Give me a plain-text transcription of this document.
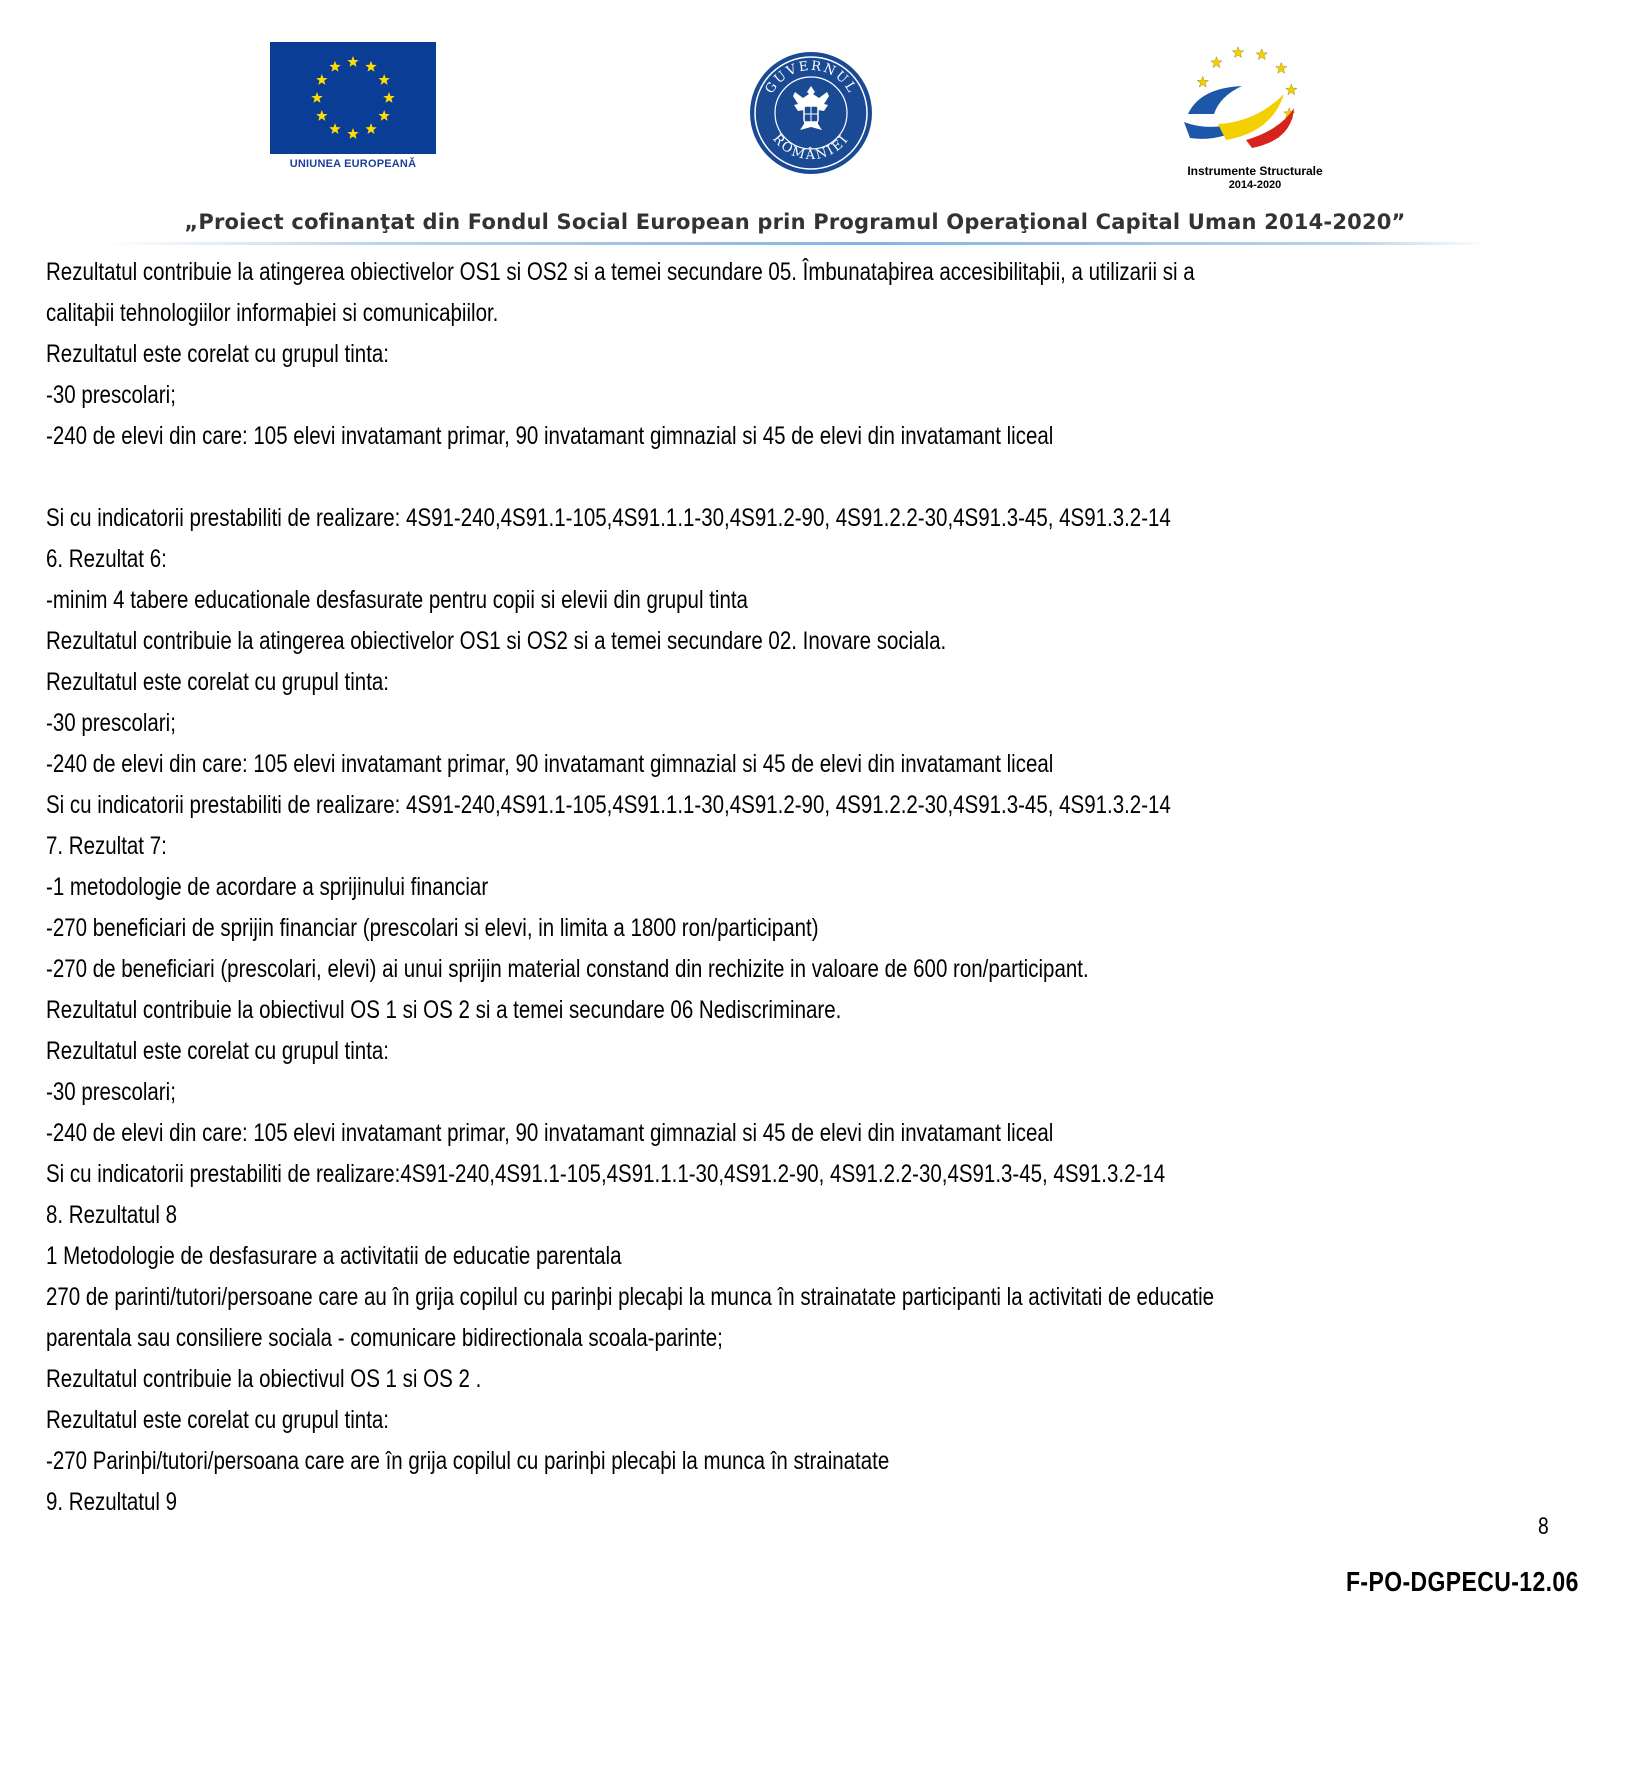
UNIUNEA EUROPEANĂ
GUVERNUL
ROMÂNIEI
Instrumente Structurale
2014-2020
„Proiect cofinanţat din Fondul Social European prin Programul Operaţional Capital Uman 2014-2020”
Rezultatul contribuie la atingerea obiectivelor OS1 si OS2 si a temei secundare 05. Îmbunataþirea accesibilitaþii, a utilizarii si a
calitaþii tehnologiilor informaþiei si comunicaþiilor.
Rezultatul este corelat cu grupul tinta:
-30 prescolari;
-240 de elevi din care: 105 elevi invatamant primar, 90 invatamant gimnazial si 45 de elevi din invatamant liceal
Si cu indicatorii prestabiliti de realizare: 4S91-240,4S91.1-105,4S91.1.1-30,4S91.2-90, 4S91.2.2-30,4S91.3-45, 4S91.3.2-14
6. Rezultat 6:
-minim 4 tabere educationale desfasurate pentru copii si elevii din grupul tinta
Rezultatul contribuie la atingerea obiectivelor OS1 si OS2 si a temei secundare 02. Inovare sociala.
Rezultatul este corelat cu grupul tinta:
-30 prescolari;
-240 de elevi din care: 105 elevi invatamant primar, 90 invatamant gimnazial si 45 de elevi din invatamant liceal
Si cu indicatorii prestabiliti de realizare: 4S91-240,4S91.1-105,4S91.1.1-30,4S91.2-90, 4S91.2.2-30,4S91.3-45, 4S91.3.2-14
7. Rezultat 7:
-1 metodologie de acordare a sprijinului financiar
-270 beneficiari de sprijin financiar (prescolari si elevi, in limita a 1800 ron/participant)
-270 de beneficiari (prescolari, elevi) ai unui sprijin material constand din rechizite in valoare de 600 ron/participant.
Rezultatul contribuie la obiectivul OS 1 si OS 2 si a temei secundare 06 Nediscriminare.
Rezultatul este corelat cu grupul tinta:
-30 prescolari;
-240 de elevi din care: 105 elevi invatamant primar, 90 invatamant gimnazial si 45 de elevi din invatamant liceal
Si cu indicatorii prestabiliti de realizare:4S91-240,4S91.1-105,4S91.1.1-30,4S91.2-90, 4S91.2.2-30,4S91.3-45, 4S91.3.2-14
8. Rezultatul 8
1 Metodologie de desfasurare a activitatii de educatie parentala
270 de parinti/tutori/persoane care au în grija copilul cu parinþi plecaþi la munca în strainatate participanti la activitati de educatie
parentala sau consiliere sociala - comunicare bidirectionala scoala-parinte;
Rezultatul contribuie la obiectivul OS 1 si OS 2 .
Rezultatul este corelat cu grupul tinta:
-270 Parinþi/tutori/persoana care are în grija copilul cu parinþi plecaþi la munca în strainatate
9. Rezultatul 9
8
F-PO-DGPECU-12.06
